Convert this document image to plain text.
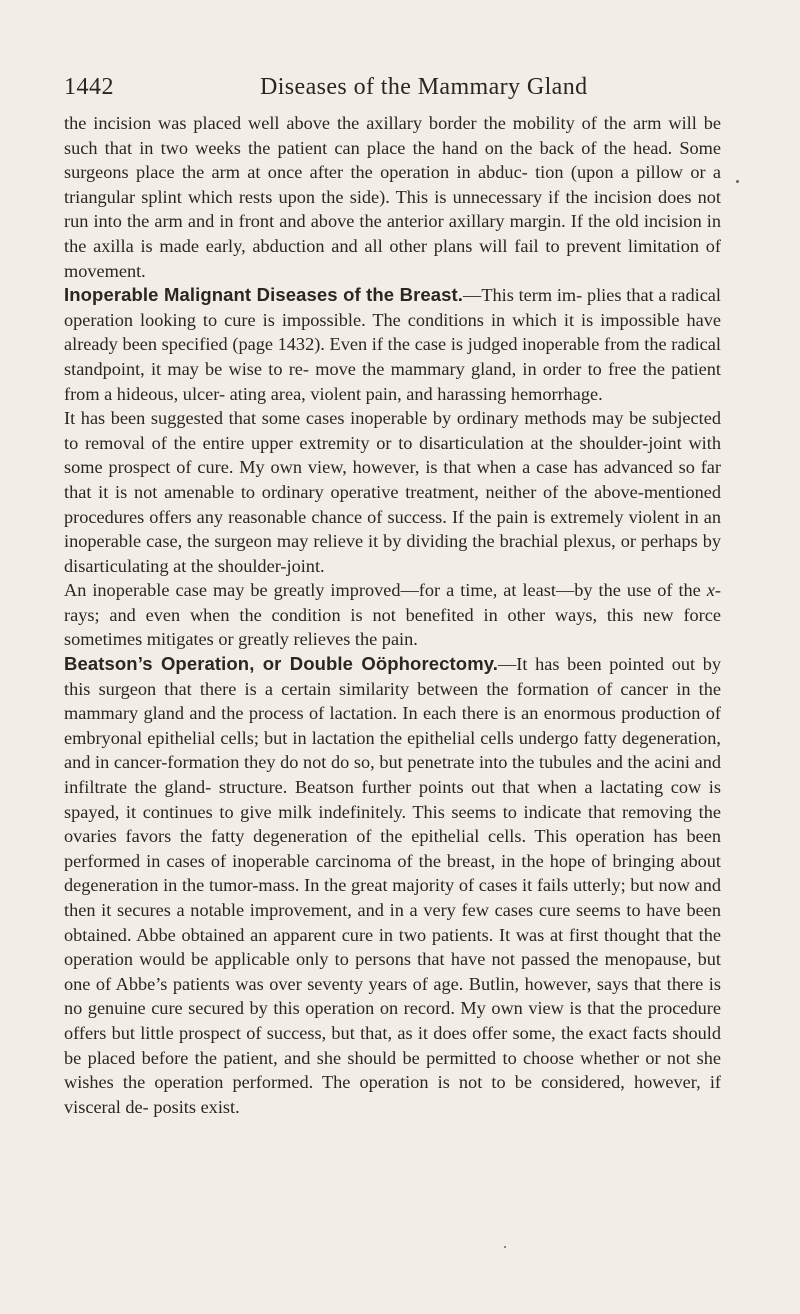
1442	Diseases of the Mammary Gland

the incision was placed well above the axillary border the mobility of the arm will be such that in two weeks the patient can place the hand on the back of the head. Some surgeons place the arm at once after the operation in abduc- tion (upon a pillow or a triangular splint which rests upon the side). This is unnecessary if the incision does not run into the arm and in front and above the anterior axillary margin. If the old incision in the axilla is made early, abduction and all other plans will fail to prevent limitation of movement.

Inoperable Malignant Diseases of the Breast.—This term im- plies that a radical operation looking to cure is impossible. The conditions in which it is impossible have already been specified (page 1432). Even if the case is judged inoperable from the radical standpoint, it may be wise to re- move the mammary gland, in order to free the patient from a hideous, ulcer- ating area, violent pain, and harassing hemorrhage.

It has been suggested that some cases inoperable by ordinary methods may be subjected to removal of the entire upper extremity or to disarticulation at the shoulder-joint with some prospect of cure. My own view, however, is that when a case has advanced so far that it is not amenable to ordinary operative treatment, neither of the above-mentioned procedures offers any reasonable chance of success. If the pain is extremely violent in an inoperable case, the surgeon may relieve it by dividing the brachial plexus, or perhaps by disarticulating at the shoulder-joint.

An inoperable case may be greatly improved—for a time, at least—by the use of the x-rays; and even when the condition is not benefited in other ways, this new force sometimes mitigates or greatly relieves the pain.

Beatson’s Operation, or Double Oöphorectomy.—It has been pointed out by this surgeon that there is a certain similarity between the formation of cancer in the mammary gland and the process of lactation. In each there is an enormous production of embryonal epithelial cells; but in lactation the epithelial cells undergo fatty degeneration, and in cancer-formation they do not do so, but penetrate into the tubules and the acini and infiltrate the gland- structure. Beatson further points out that when a lactating cow is spayed, it continues to give milk indefinitely. This seems to indicate that removing the ovaries favors the fatty degeneration of the epithelial cells. This operation has been performed in cases of inoperable carcinoma of the breast, in the hope of bringing about degeneration in the tumor-mass. In the great majority of cases it fails utterly; but now and then it secures a notable improvement, and in a very few cases cure seems to have been obtained. Abbe obtained an apparent cure in two patients. It was at first thought that the operation would be applicable only to persons that have not passed the menopause, but one of Abbe’s patients was over seventy years of age. Butlin, however, says that there is no genuine cure secured by this operation on record. My own view is that the procedure offers but little prospect of success, but that, as it does offer some, the exact facts should be placed before the patient, and she should be permitted to choose whether or not she wishes the operation performed. The operation is not to be considered, however, if visceral de- posits exist.
